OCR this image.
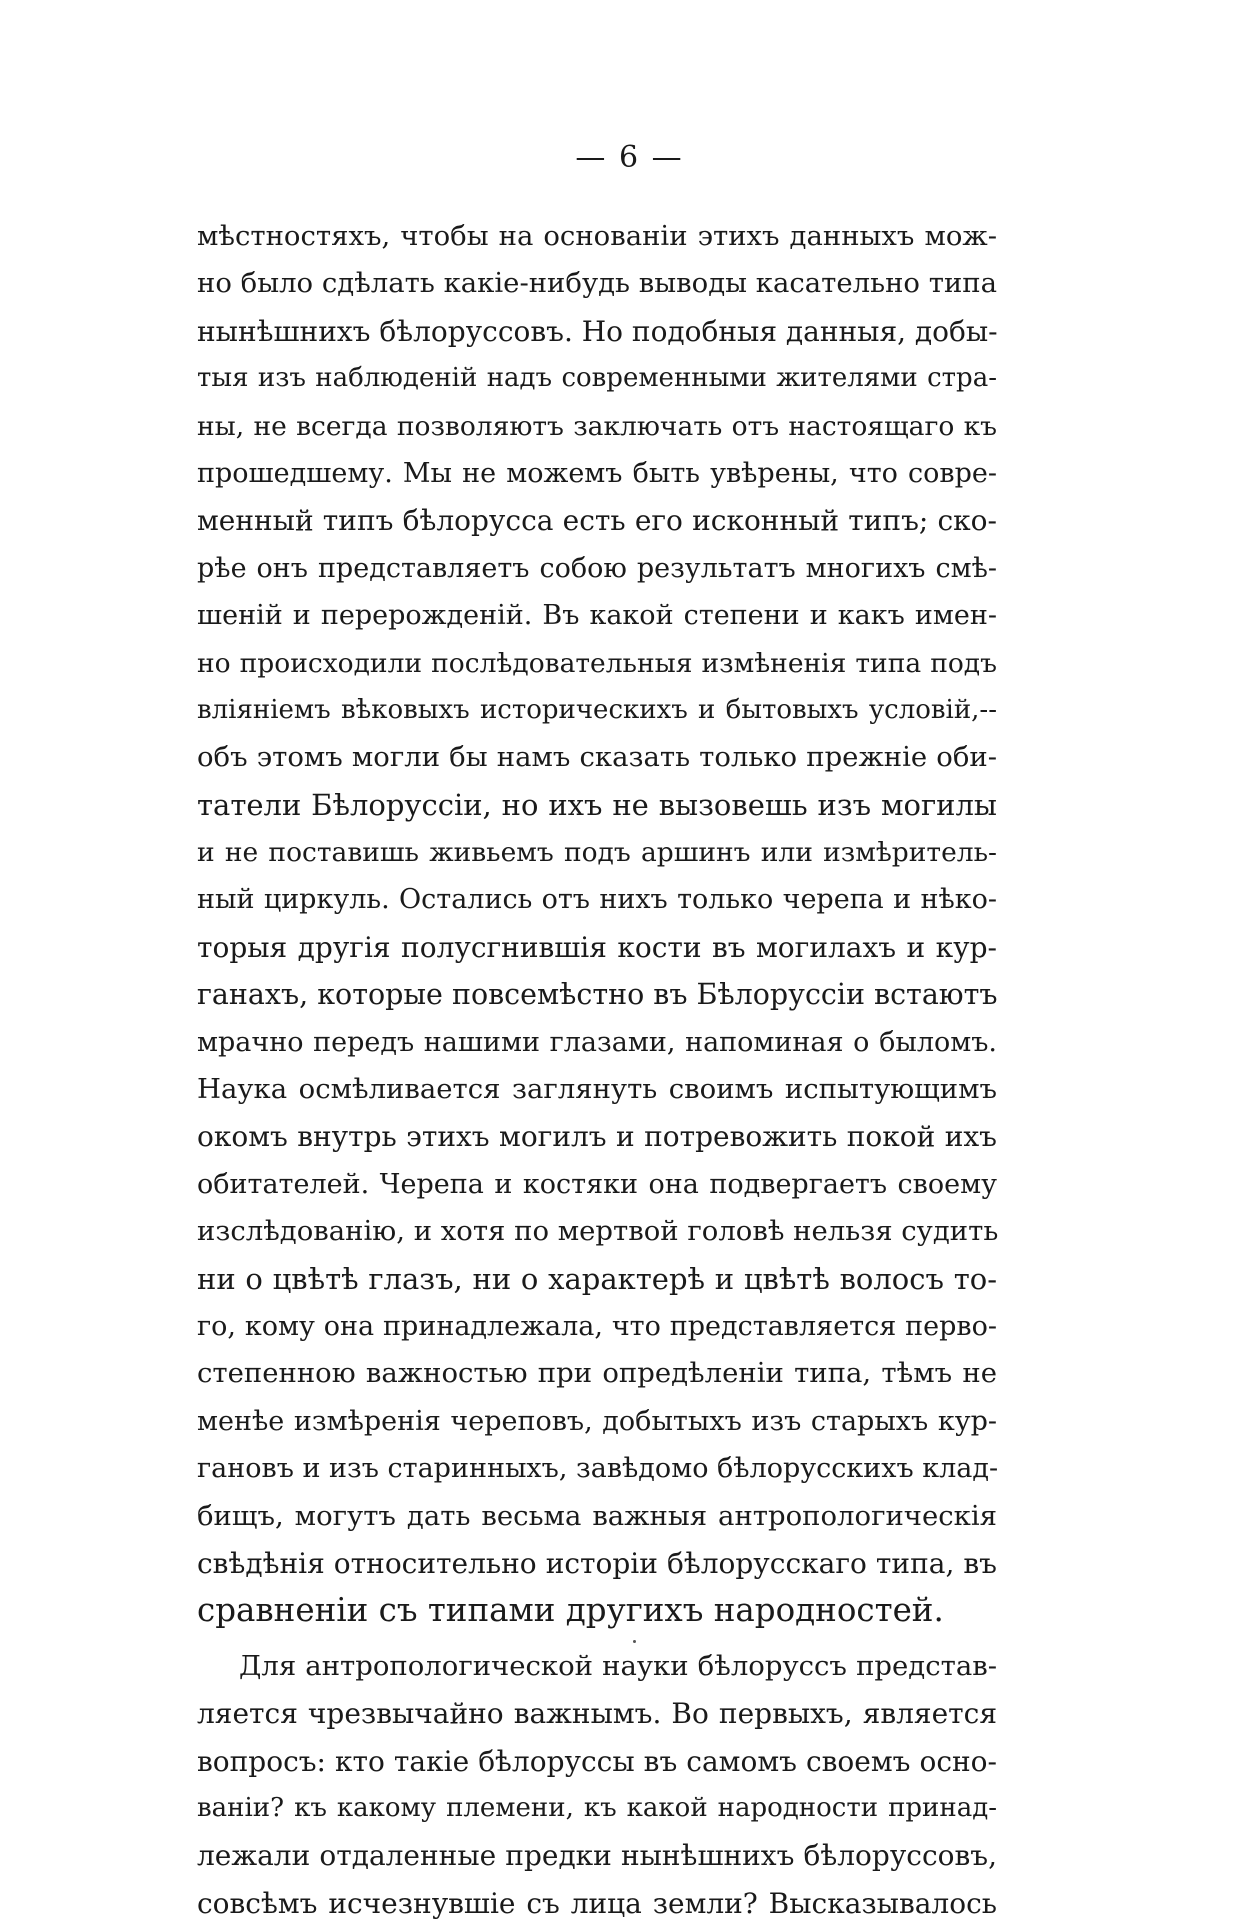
— 6 —
мѣстностяхъ, чтобы на основанiи этихъ данныхъ мож-
но было сдѣлать какiе-нибудь выводы касательно типа
нынѣшнихъ бѣлоруссовъ. Но подобныя данныя, добы-
тыя изъ наблюденiй надъ современными жителями стра-
ны, не всегда позволяютъ заключать отъ настоящаго къ
прошедшему. Мы не можемъ быть увѣрены, что совре-
менный типъ бѣлорусса есть его исконный типъ; ско-
рѣе онъ представляетъ собою результатъ многихъ смѣ-
шенiй и перерожденiй. Въ какой степени и какъ имен-
но происходили послѣдовательныя измѣненiя типа подъ
влiянiемъ вѣковыхъ историческихъ и бытовыхъ условiй,--
объ этомъ могли бы намъ сказать только прежнiе оби-
татели Бѣлоруссiи, но ихъ не вызовешь изъ могилы
и не поставишь живьемъ подъ аршинъ или измѣритель-
ный циркуль. Остались отъ нихъ только черепа и нѣко-
торыя другiя полусгнившiя кости въ могилахъ и кур-
ганахъ, которые повсемѣстно въ Бѣлоруссiи встаютъ
мрачно передъ нашими глазами, напоминая о быломъ.
Наука осмѣливается заглянуть своимъ испытующимъ
окомъ внутрь этихъ могилъ и потревожить покой ихъ
обитателей. Черепа и костяки она подвергаетъ своему
изслѣдованiю, и хотя по мертвой головѣ нельзя судить
ни о цвѣтѣ глазъ, ни о характерѣ и цвѣтѣ волосъ то-
го, кому она принадлежала, что представляется перво-
степенною важностью при опредѣленiи типа, тѣмъ не
менѣе измѣренiя череповъ, добытыхъ изъ старыхъ кур-
гановъ и изъ старинныхъ, завѣдомо бѣлорусскихъ клад-
бищъ, могутъ дать весьма важныя антропологическiя
свѣдѣнiя относительно исторiи бѣлорусскаго типа, въ
сравненiи съ типами другихъ народностей.
Для антропологической науки бѣлоруссъ представ-
ляется чрезвычайно важнымъ. Во первыхъ, является
вопросъ: кто такiе бѣлоруссы въ самомъ своемъ осно-
ванiи? къ какому племени, къ какой народности принад-
лежали отдаленные предки нынѣшнихъ бѣлоруссовъ,
совсѣмъ исчезнувшiе съ лица земли? Высказывалось
